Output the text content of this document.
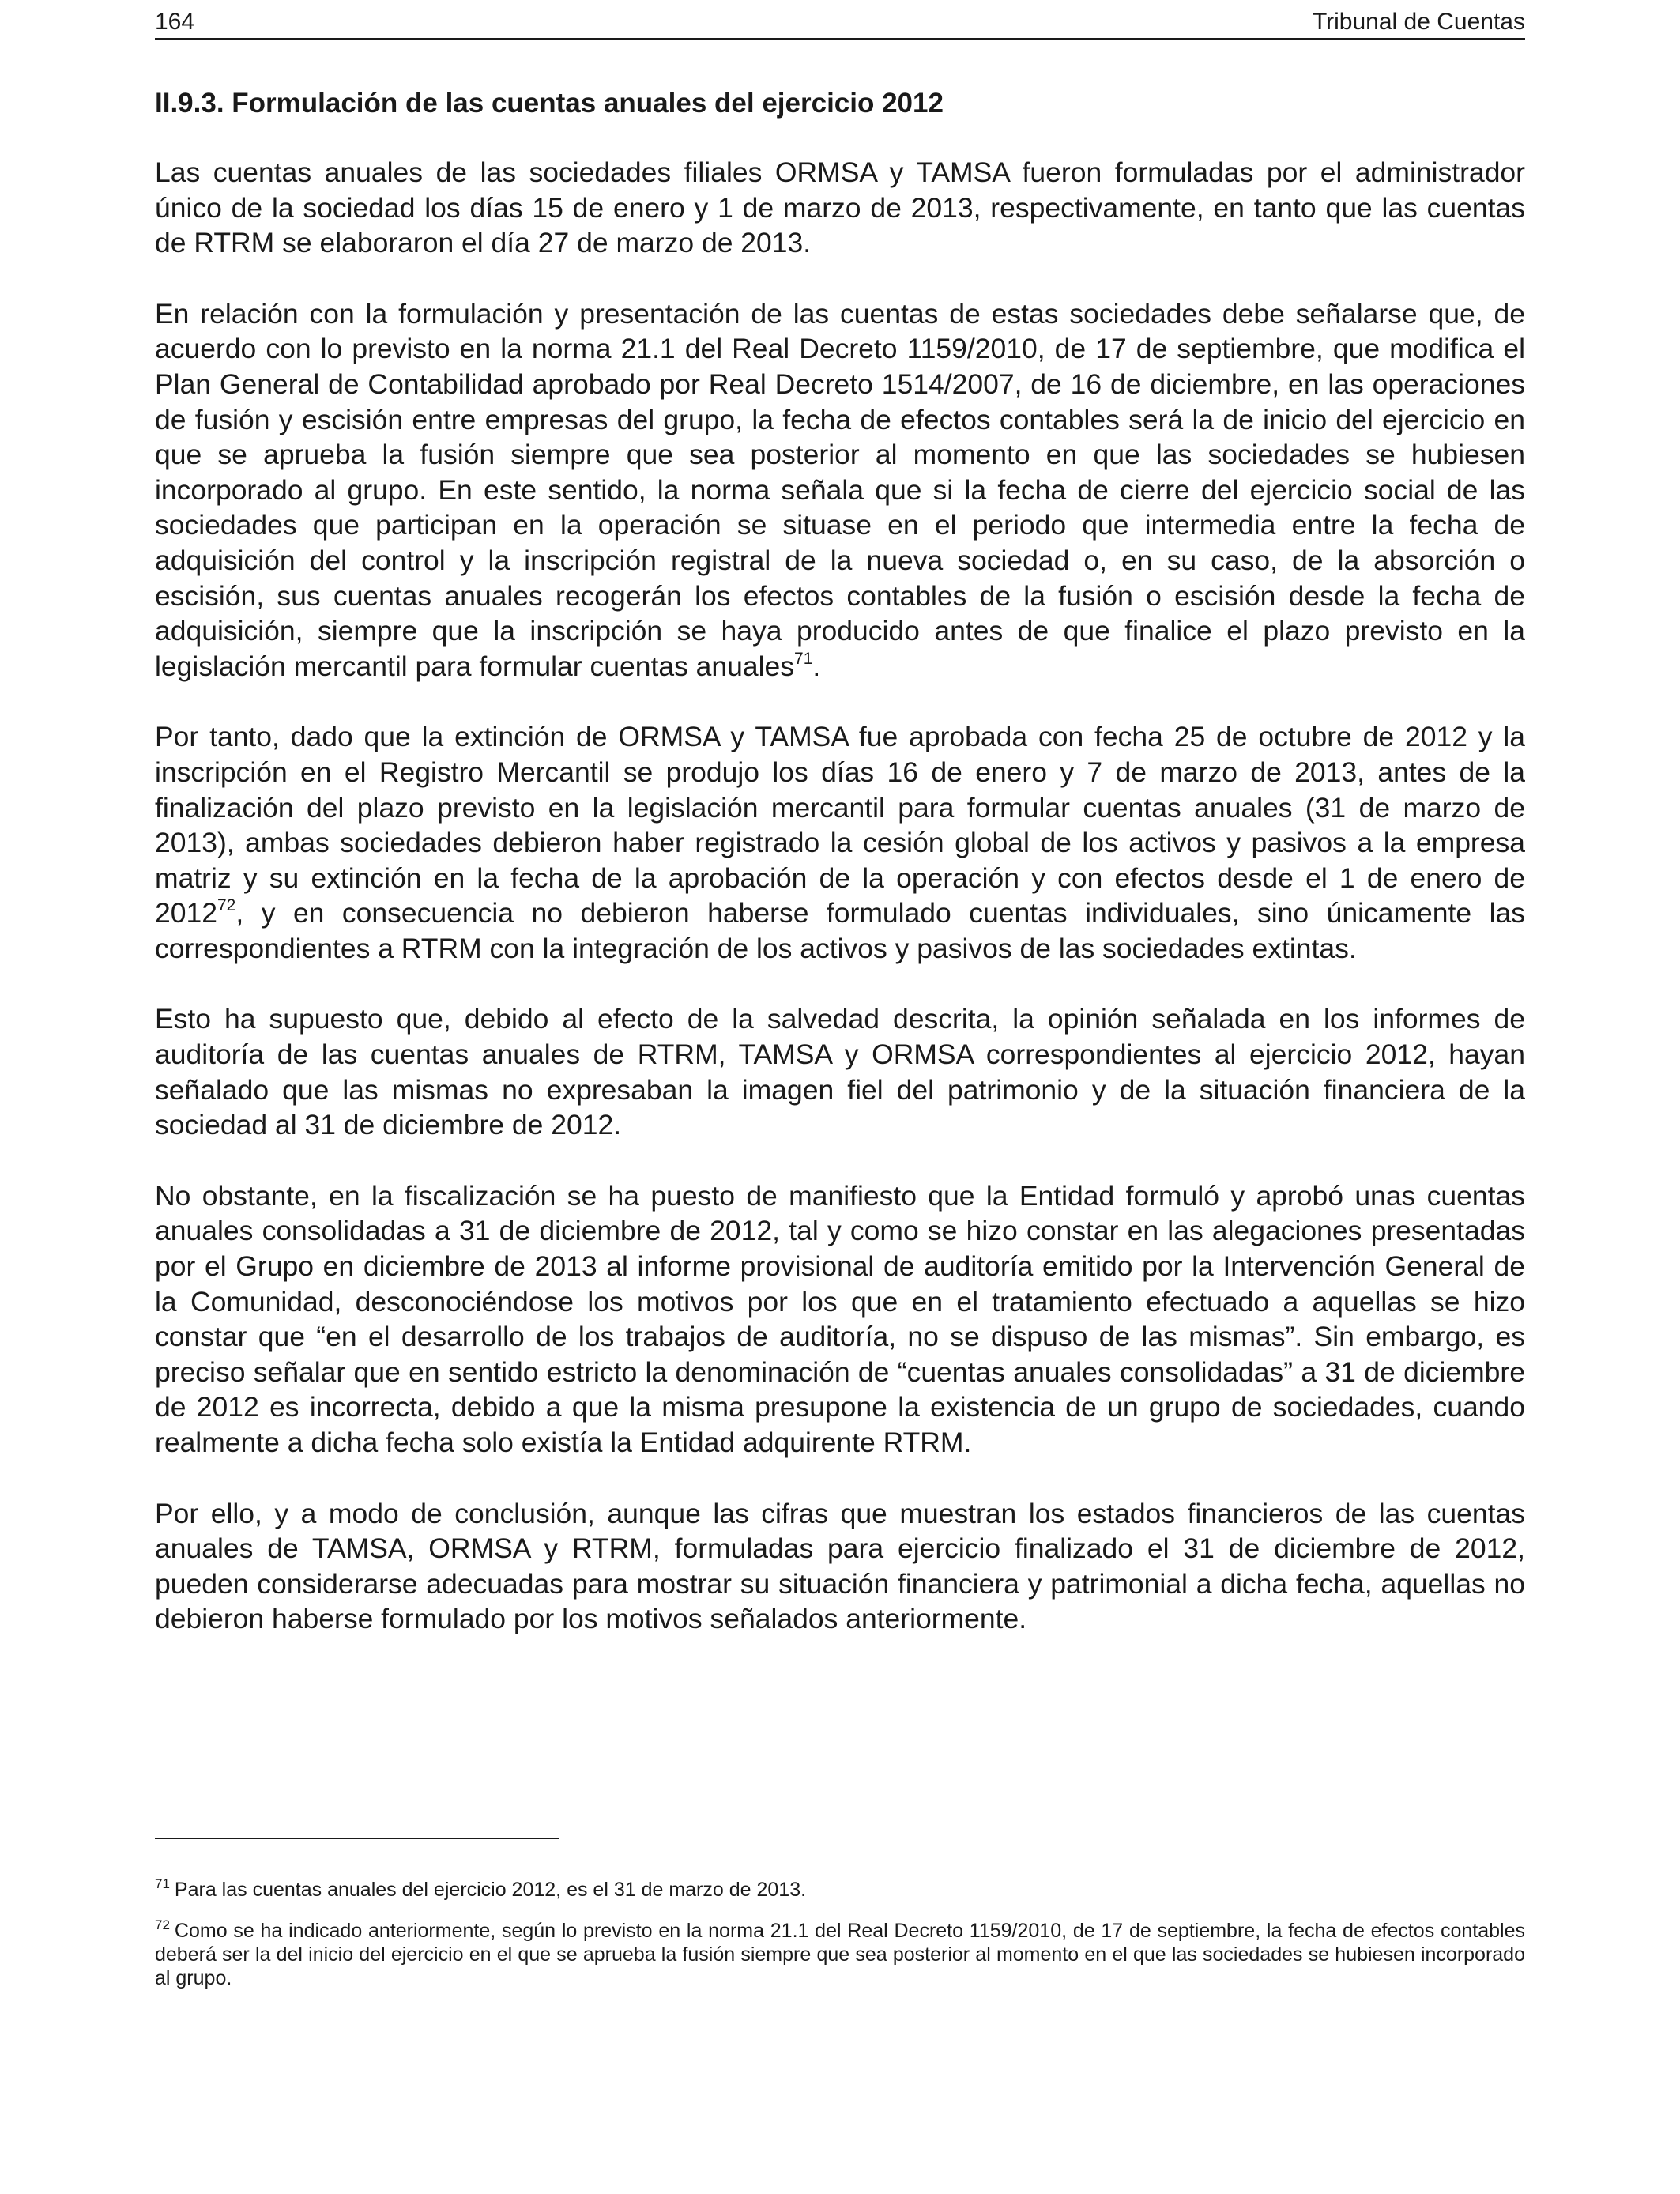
164	Tribunal de Cuentas
II.9.3. Formulación de las cuentas anuales del ejercicio 2012

Las cuentas anuales de las sociedades filiales ORMSA y TAMSA fueron formuladas por el administrador único de la sociedad los días 15 de enero y 1 de marzo de 2013, respectivamente, en tanto que las cuentas de RTRM se elaboraron el día 27 de marzo de 2013.

En relación con la formulación y presentación de las cuentas de estas sociedades debe señalarse que, de acuerdo con lo previsto en la norma 21.1 del Real Decreto 1159/2010, de 17 de septiembre, que modifica el Plan General de Contabilidad aprobado por Real Decreto 1514/2007, de 16 de diciembre, en las operaciones de fusión y escisión entre empresas del grupo, la fecha de efectos contables será la de inicio del ejercicio en que se aprueba la fusión siempre que sea posterior al momento en que las sociedades se hubiesen incorporado al grupo. En este sentido, la norma señala que si la fecha de cierre del ejercicio social de las sociedades que participan en la operación se situase en el periodo que intermedia entre la fecha de adquisición del control y la inscripción registral de la nueva sociedad o, en su caso, de la absorción o escisión, sus cuentas anuales recogerán los efectos contables de la fusión o escisión desde la fecha de adquisición, siempre que la inscripción se haya producido antes de que finalice el plazo previsto en la legislación mercantil para formular cuentas anuales$^{71}$.

Por tanto, dado que la extinción de ORMSA y TAMSA fue aprobada con fecha 25 de octubre de 2012 y la inscripción en el Registro Mercantil se produjo los días 16 de enero y 7 de marzo de 2013, antes de la finalización del plazo previsto en la legislación mercantil para formular cuentas anuales (31 de marzo de 2013), ambas sociedades debieron haber registrado la cesión global de los activos y pasivos a la empresa matriz y su extinción en la fecha de la aprobación de la operación y con efectos desde el 1 de enero de 2012$^{72}$, y en consecuencia no debieron haberse formulado cuentas individuales, sino únicamente las correspondientes a RTRM con la integración de los activos y pasivos de las sociedades extintas.

Esto ha supuesto que, debido al efecto de la salvedad descrita, la opinión señalada en los informes de auditoría de las cuentas anuales de RTRM, TAMSA y ORMSA correspondientes al ejercicio 2012, hayan señalado que las mismas no expresaban la imagen fiel del patrimonio y de la situación financiera de la sociedad al 31 de diciembre de 2012.

No obstante, en la fiscalización se ha puesto de manifiesto que la Entidad formuló y aprobó unas cuentas anuales consolidadas a 31 de diciembre de 2012, tal y como se hizo constar en las alegaciones presentadas por el Grupo en diciembre de 2013 al informe provisional de auditoría emitido por la Intervención General de la Comunidad, desconociéndose los motivos por los que en el tratamiento efectuado a aquellas se hizo constar que “en el desarrollo de los trabajos de auditoría, no se dispuso de las mismas”. Sin embargo, es preciso señalar que en sentido estricto la denominación de “cuentas anuales consolidadas” a 31 de diciembre de 2012 es incorrecta, debido a que la misma presupone la existencia de un grupo de sociedades, cuando realmente a dicha fecha solo existía la Entidad adquirente RTRM.

Por ello, y a modo de conclusión, aunque las cifras que muestran los estados financieros de las cuentas anuales de TAMSA, ORMSA y RTRM, formuladas para ejercicio finalizado el 31 de diciembre de 2012, pueden considerarse adecuadas para mostrar su situación financiera y patrimonial a dicha fecha, aquellas no debieron haberse formulado por los motivos señalados anteriormente.

$^{71}$ Para las cuentas anuales del ejercicio 2012, es el 31 de marzo de 2013.

$^{72}$ Como se ha indicado anteriormente, según lo previsto en la norma 21.1 del Real Decreto 1159/2010, de 17 de septiembre, la fecha de efectos contables deberá ser la del inicio del ejercicio en el que se aprueba la fusión siempre que sea posterior al momento en el que las sociedades se hubiesen incorporado al grupo.
